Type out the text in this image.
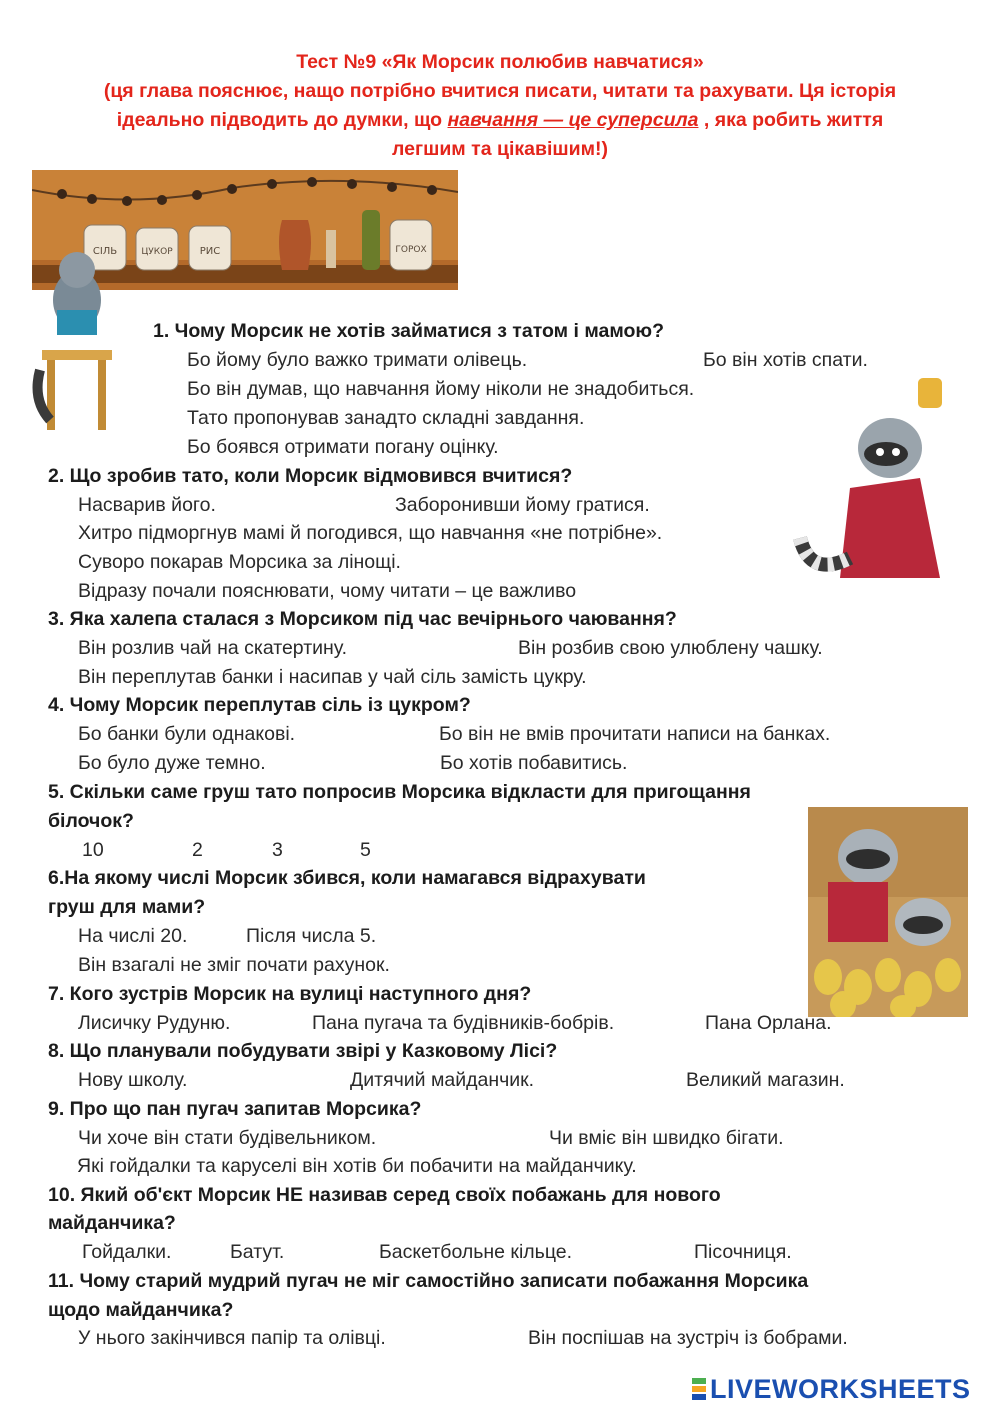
Тест №9 «Як Морсик полюбив навчатися»
(ця глава пояснює, нащо потрібно вчитися писати, читати та рахувати. Ця історія
ідеально підводить до думки, що навчання — це суперсила , яка робить життя
легшим та цікавішим!)
СІЛЬ	ЦУКОР	РИС	ГОРОХ
1. Чому Морсик не хотів займатися з татом і мамою?
Бо йому було важко тримати олівець.	Бо він хотів спати.
Бо він думав, що навчання йому ніколи не знадобиться.
Тато пропонував занадто складні завдання.
Бо боявся отримати погану оцінку.
2. Що зробив тато, коли Морсик відмовився вчитися?
Насварив його.	Заборонивши йому гратися.
Хитро підморгнув мамі й погодився, що навчання «не потрібне».
Суворо покарав Морсика за лінощі.
Відразу почали пояснювати, чому читати – це важливо
3. Яка халепа сталася з Морсиком під час вечірнього чаювання?
Він розлив чай на скатертину.	Він розбив свою улюблену чашку.
Він переплутав банки і насипав у чай сіль замість цукру.
4. Чому Морсик переплутав сіль із цукром?
Бо банки були однакові.	Бо він не вмів прочитати написи на банках.
Бо було дуже темно.	Бо хотів побавитись.
5. Скільки саме груш тато попросив Морсика відкласти для пригощання
білочок?
10	2	3	5
6.На якому числі Морсик збився, коли намагався відрахувати
груш для мами?
На числі 20.	Після числа 5.
Він взагалі не зміг почати рахунок.
7. Кого зустрів Морсик на вулиці наступного дня?
Лисичку Рудуню.	Пана пугача та будівників-бобрів.	Пана Орлана.
8. Що планували побудувати звірі у Казковому Лісі?
Нову школу.	Дитячий майданчик.	Великий магазин.
9. Про що пан пугач запитав Морсика?
Чи хоче він стати будівельником.	Чи вміє він швидко бігати.
Які гойдалки та каруселі він хотів би побачити на майданчику.
10. Який об'єкт Морсик НЕ називав серед своїх побажань для нового
майданчика?
Гойдалки.	Батут.	Баскетбольне кільце.	Пісочниця.
11. Чому старий мудрий пугач не міг самостійно записати побажання Морсика
щодо майданчика?
У нього закінчився папір та олівці.	Він поспішав на зустріч із бобрами.
LIVEWORKSHEETS
